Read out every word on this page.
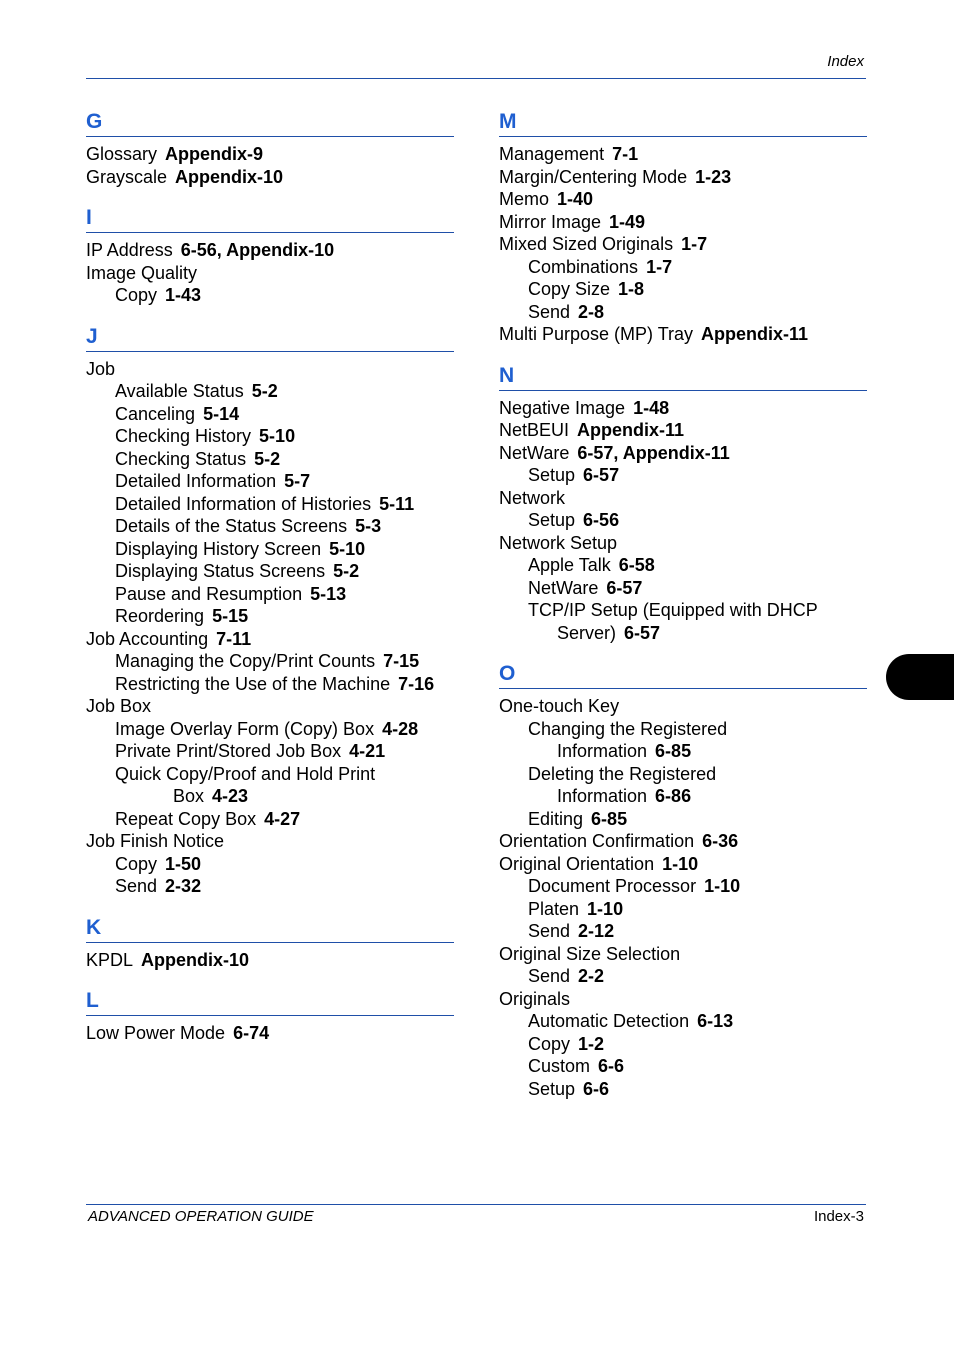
Index
G
Glossary Appendix-9
Grayscale Appendix-10
I
IP Address 6-56, Appendix-10
Image Quality
Copy 1-43
J
Job
Available Status 5-2
Canceling 5-14
Checking History 5-10
Checking Status 5-2
Detailed Information 5-7
Detailed Information of Histories 5-11
Details of the Status Screens 5-3
Displaying History Screen 5-10
Displaying Status Screens 5-2
Pause and Resumption 5-13
Reordering 5-15
Job Accounting 7-11
Managing the Copy/Print Counts 7-15
Restricting the Use of the Machine 7-16
Job Box
Image Overlay Form (Copy) Box 4-28
Private Print/Stored Job Box 4-21
Quick Copy/Proof and Hold Print
Box 4-23
Repeat Copy Box 4-27
Job Finish Notice
Copy 1-50
Send 2-32
K
KPDL Appendix-10
L
Low Power Mode 6-74
M
Management 7-1
Margin/Centering Mode 1-23
Memo 1-40
Mirror Image 1-49
Mixed Sized Originals 1-7
Combinations 1-7
Copy Size 1-8
Send 2-8
Multi Purpose (MP) Tray Appendix-11
N
Negative Image 1-48
NetBEUI Appendix-11
NetWare 6-57, Appendix-11
Setup 6-57
Network
Setup 6-56
Network Setup
Apple Talk 6-58
NetWare 6-57
TCP/IP Setup (Equipped with DHCP
Server) 6-57
O
One-touch Key
Changing the Registered
Information 6-85
Deleting the Registered
Information 6-86
Editing 6-85
Orientation Confirmation 6-36
Original Orientation 1-10
Document Processor 1-10
Platen 1-10
Send 2-12
Original Size Selection
Send 2-2
Originals
Automatic Detection 6-13
Copy 1-2
Custom 6-6
Setup 6-6
ADVANCED OPERATION GUIDE	Index-3
